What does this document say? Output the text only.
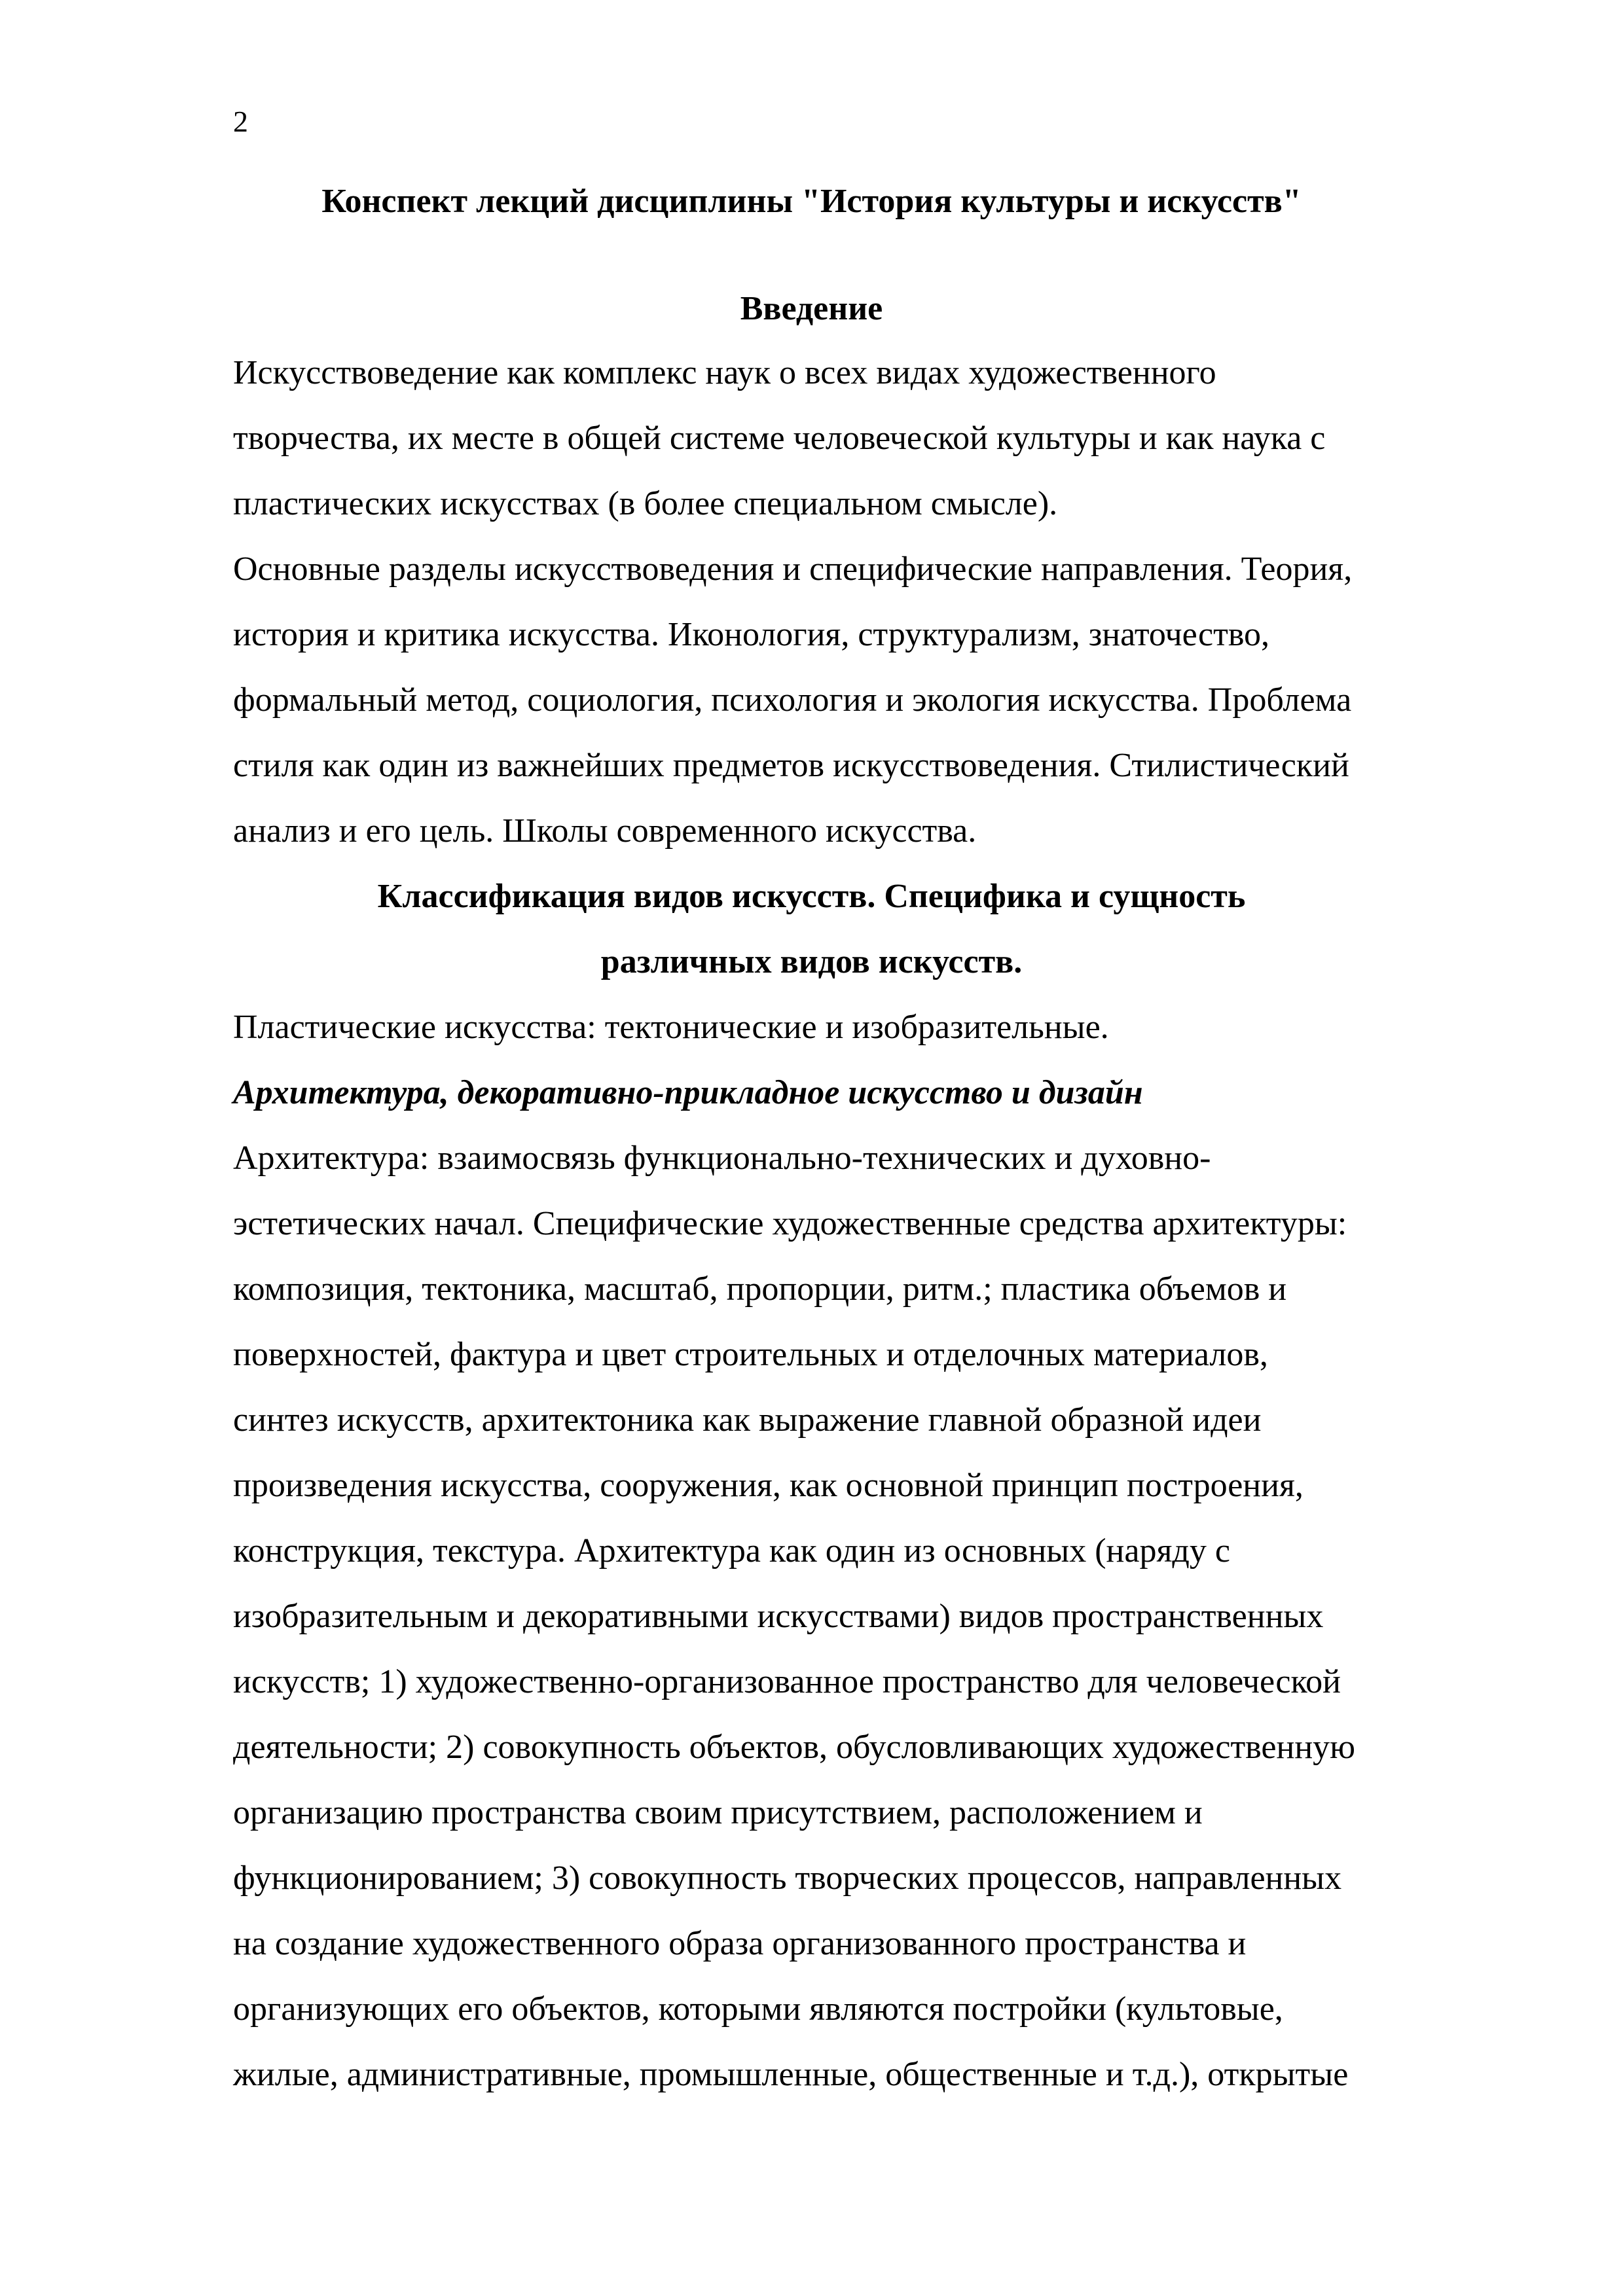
2
Конспект лекций дисциплины "История культуры и искусств"
Введение
Искусствоведение как комплекс наук о всех видах художественного
творчества, их месте в общей системе человеческой культуры и как наука с
пластических искусствах (в более специальном смысле).
Основные разделы искусствоведения и специфические направления. Теория,
история и критика искусства. Иконология, структурализм, знаточество,
формальный метод, социология, психология и экология искусства. Проблема
стиля как один из важнейших предметов искусствоведения. Стилистический
анализ и его цель. Школы современного искусства.
Классификация видов искусств. Специфика и сущность
различных видов искусств.
Пластические искусства: тектонические и изобразительные.
Архитектура, декоративно-прикладное искусство и дизайн
Архитектура: взаимосвязь функционально-технических и духовно-
эстетических начал. Специфические художественные средства архитектуры:
композиция, тектоника, масштаб, пропорции, ритм.; пластика объемов и
поверхностей, фактура и цвет строительных и отделочных материалов,
синтез искусств, архитектоника как выражение главной образной идеи
произведения искусства, сооружения, как основной принцип построения,
конструкция, текстура. Архитектура как один из основных (наряду с
изобразительным и декоративными искусствами) видов пространственных
искусств; 1) художественно-организованное пространство для человеческой
деятельности; 2) совокупность объектов, обусловливающих художественную
организацию пространства своим присутствием, расположением и
функционированием; 3) совокупность творческих процессов, направленных
на создание художественного образа организованного пространства и
организующих его объектов, которыми являются постройки (культовые,
жилые, административные, промышленные, общественные и т.д.), открытые
